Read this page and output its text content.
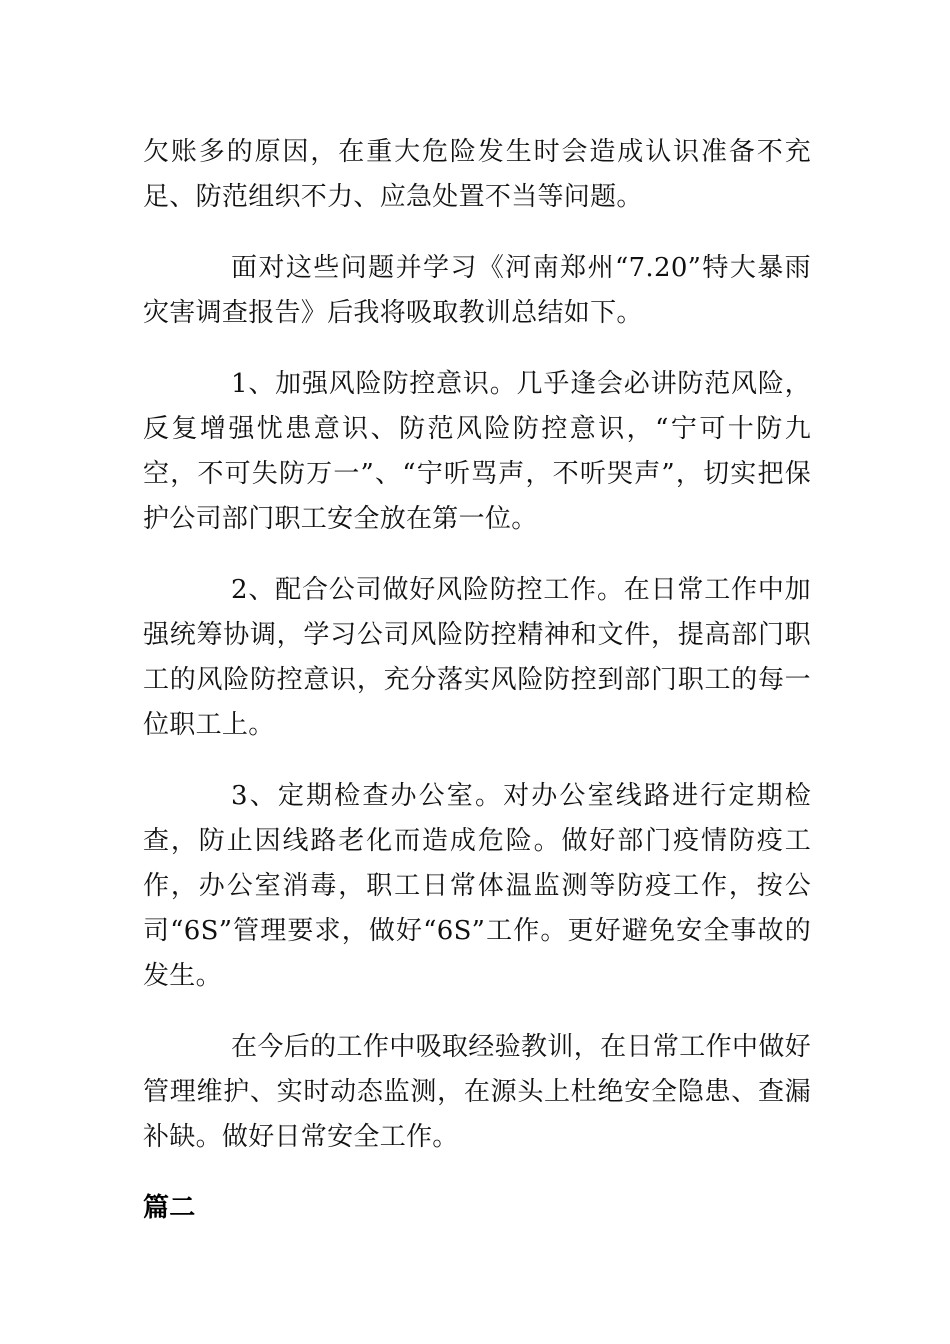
欠账多的原因，在重大危险发生时会造成认识准备不充足、防范组织不力、应急处置不当等问题。

面对这些问题并学习《河南郑州“7.20”特大暴雨灾害调查报告》后我将吸取教训总结如下。

1、加强风险防控意识。几乎逢会必讲防范风险，反复增强忧患意识、防范风险防控意识，“宁可十防九空，不可失防万一”、“宁听骂声，不听哭声”，切实把保护公司部门职工安全放在第一位。

2、配合公司做好风险防控工作。在日常工作中加强统筹协调，学习公司风险防控精神和文件，提高部门职工的风险防控意识，充分落实风险防控到部门职工的每一位职工上。

3、定期检查办公室。对办公室线路进行定期检查，防止因线路老化而造成危险。做好部门疫情防疫工作，办公室消毒，职工日常体温监测等防疫工作，按公司“6S”管理要求，做好“6S”工作。更好避免安全事故的发生。

在今后的工作中吸取经验教训，在日常工作中做好管理维护、实时动态监测，在源头上杜绝安全隐患、查漏补缺。做好日常安全工作。

篇二
